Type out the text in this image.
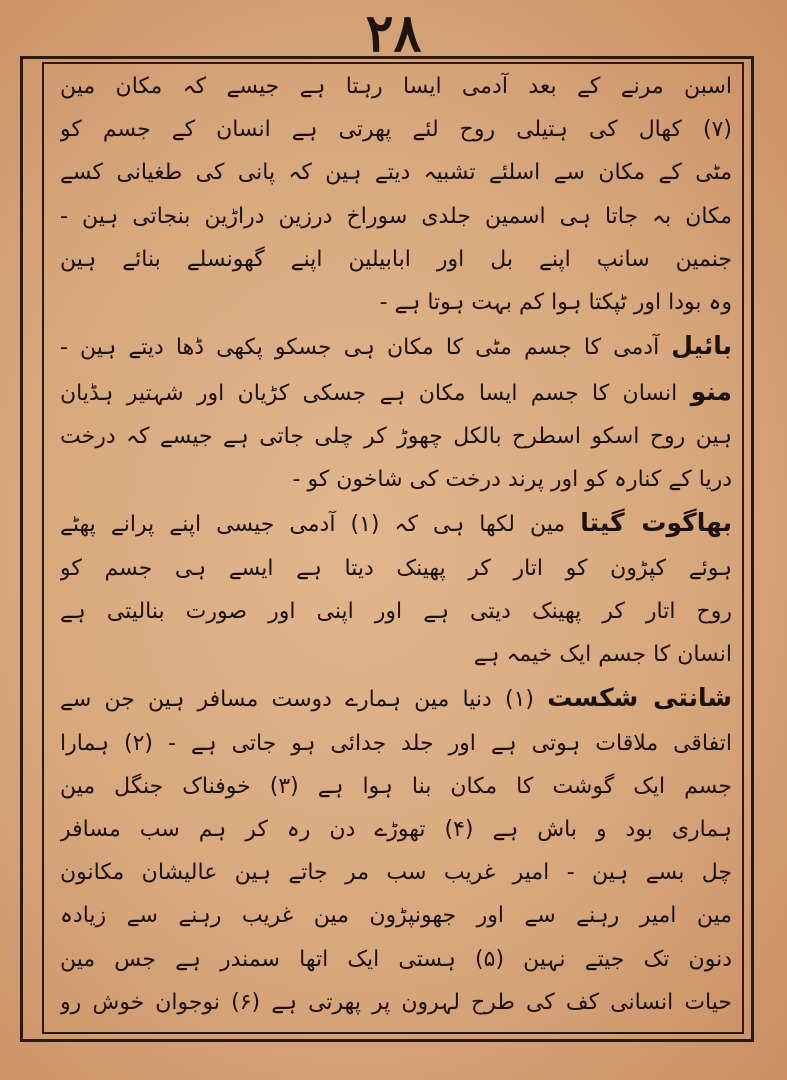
۲۸
اسبن مرنے کے بعد آدمی ایسا رہتا ہے جیسے کہ مکان مین
(۷) کھال کی ہتیلی روح لئے پھرتی ہے انسان کے جسم کو
مٹی کے مکان سے اسلئے تشبیہ دیتے ہین کہ پانی کی طغیانی کسے
مکان بہ جاتا ہی اسمین جلدی سوراخ درزین دراڑین بنجاتی ہین -
جنمین سانپ اپنے بل اور ابابیلین اپنے گھونسلے بنائے ہین
وہ بودا اور ٹپکتا ہوا کم بہت ہوتا ہے -
بائیل آدمی کا جسم مٹی کا مکان ہی جسکو پکھی ڈھا دیتے ہین -
منو انسان کا جسم ایسا مکان ہے جسکی کڑیان اور شہتیر ہڈیان
ہین روح اسکو اسطرح بالکل چھوڑ کر چلی جاتی ہے جیسے کہ درخت
دریا کے کنارہ کو اور پرند درخت کی شاخون کو -
بھاگوت گیتا مین لکھا ہی کہ (۱) آدمی جیسی اپنے پرانے پھٹے
ہوئے کپڑون کو اتار کر پھینک دیتا ہے ایسے ہی جسم کو
روح اتار کر پھینک دیتی ہے اور اپنی اور صورت بنالیتی ہے
انسان کا جسم ایک خیمہ ہے
شانتی شکست (۱) دنیا مین ہمارے دوست مسافر ہین جن سے
اتفاقی ملاقات ہوتی ہے اور جلد جدائی ہو جاتی ہے - (۲) ہمارا
جسم ایک گوشت کا مکان بنا ہوا ہے (۳) خوفناک جنگل مین
ہماری بود و باش ہے (۴) تھوڑے دن رہ کر ہم سب مسافر
چل بسے ہین - امیر غریب سب مر جاتے ہین عالیشان مکانون
مین امیر رہنے سے اور جھونپڑون مین غریب رہنے سے زیادہ
دنون تک جیتے نہین (۵) ہستی ایک اتھا سمندر ہے جس مین
حیات انسانی کف کی طرح لہرون پر پھرتی ہے (۶) نوجوان خوش رو
